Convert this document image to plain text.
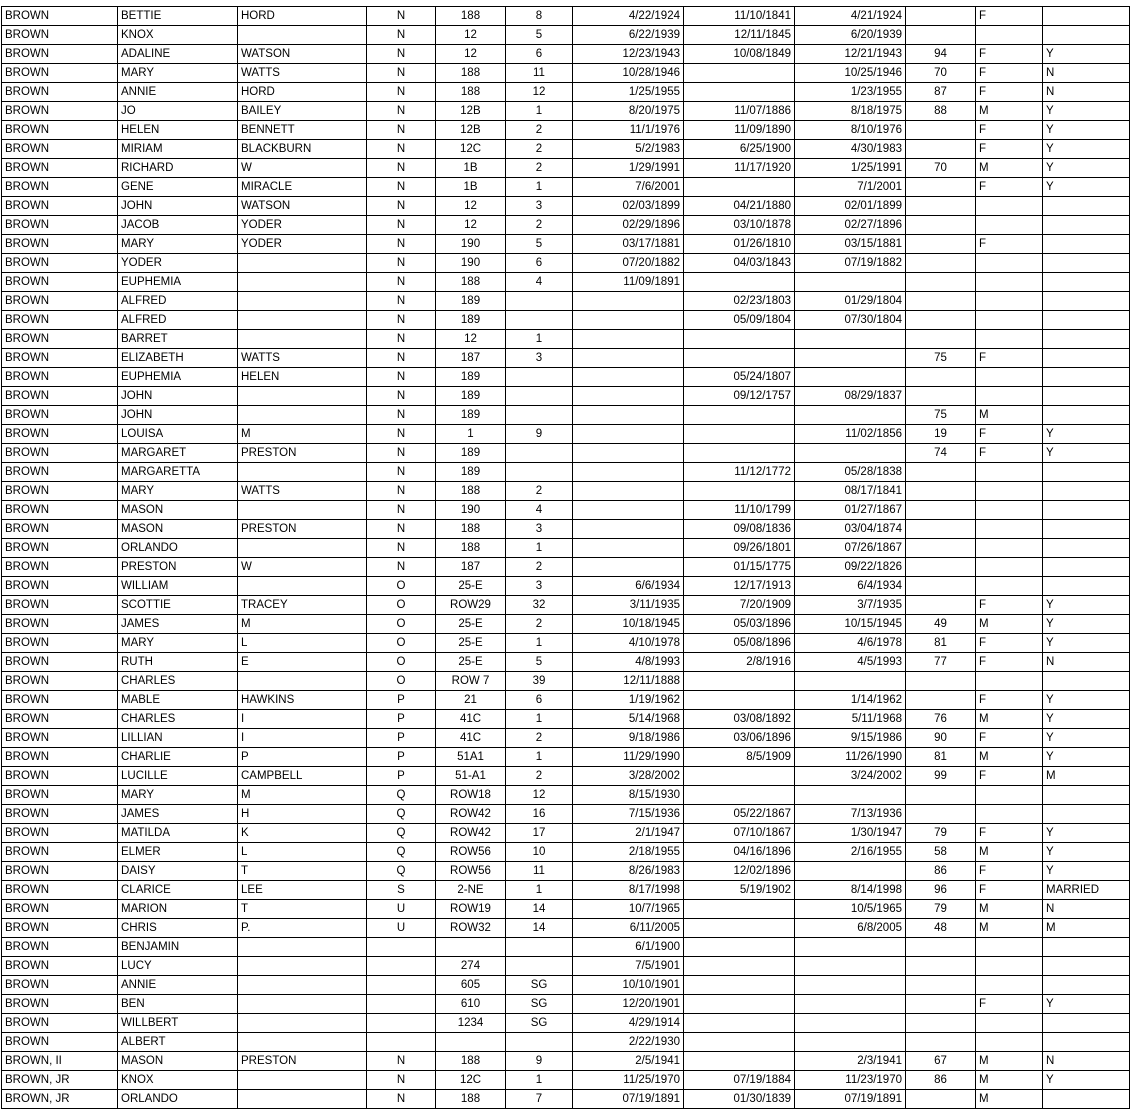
BROWN	BETTIE	HORD	N	188	8	4/22/1924	11/10/1841	4/21/1924		F	
BROWN	KNOX		N	12	5	6/22/1939	12/11/1845	6/20/1939			
BROWN	ADALINE	WATSON	N	12	6	12/23/1943	10/08/1849	12/21/1943	94	F	Y
BROWN	MARY	WATTS	N	188	11	10/28/1946		10/25/1946	70	F	N
BROWN	ANNIE	HORD	N	188	12	1/25/1955		1/23/1955	87	F	N
BROWN	JO	BAILEY	N	12B	1	8/20/1975	11/07/1886	8/18/1975	88	M	Y
BROWN	HELEN	BENNETT	N	12B	2	11/1/1976	11/09/1890	8/10/1976		F	Y
BROWN	MIRIAM	BLACKBURN	N	12C	2	5/2/1983	6/25/1900	4/30/1983		F	Y
BROWN	RICHARD	W	N	1B	2	1/29/1991	11/17/1920	1/25/1991	70	M	Y
BROWN	GENE	MIRACLE	N	1B	1	7/6/2001		7/1/2001		F	Y
BROWN	JOHN	WATSON	N	12	3	02/03/1899	04/21/1880	02/01/1899			
BROWN	JACOB	YODER	N	12	2	02/29/1896	03/10/1878	02/27/1896			
BROWN	MARY	YODER	N	190	5	03/17/1881	01/26/1810	03/15/1881		F	
BROWN	YODER		N	190	6	07/20/1882	04/03/1843	07/19/1882			
BROWN	EUPHEMIA		N	188	4	11/09/1891					
BROWN	ALFRED		N	189			02/23/1803	01/29/1804			
BROWN	ALFRED		N	189			05/09/1804	07/30/1804			
BROWN	BARRET		N	12	1						
BROWN	ELIZABETH	WATTS	N	187	3				75	F	
BROWN	EUPHEMIA	HELEN	N	189			05/24/1807				
BROWN	JOHN		N	189			09/12/1757	08/29/1837			
BROWN	JOHN		N	189					75	M	
BROWN	LOUISA	M	N	1	9			11/02/1856	19	F	Y
BROWN	MARGARET	PRESTON	N	189					74	F	Y
BROWN	MARGARETTA		N	189			11/12/1772	05/28/1838			
BROWN	MARY	WATTS	N	188	2			08/17/1841			
BROWN	MASON		N	190	4		11/10/1799	01/27/1867			
BROWN	MASON	PRESTON	N	188	3		09/08/1836	03/04/1874			
BROWN	ORLANDO		N	188	1		09/26/1801	07/26/1867			
BROWN	PRESTON	W	N	187	2		01/15/1775	09/22/1826			
BROWN	WILLIAM		O	25-E	3	6/6/1934	12/17/1913	6/4/1934			
BROWN	SCOTTIE	TRACEY	O	ROW29	32	3/11/1935	7/20/1909	3/7/1935		F	Y
BROWN	JAMES	M	O	25-E	2	10/18/1945	05/03/1896	10/15/1945	49	M	Y
BROWN	MARY	L	O	25-E	1	4/10/1978	05/08/1896	4/6/1978	81	F	Y
BROWN	RUTH	E	O	25-E	5	4/8/1993	2/8/1916	4/5/1993	77	F	N
BROWN	CHARLES		O	ROW 7	39	12/11/1888					
BROWN	MABLE	HAWKINS	P	21	6	1/19/1962		1/14/1962		F	Y
BROWN	CHARLES	I	P	41C	1	5/14/1968	03/08/1892	5/11/1968	76	M	Y
BROWN	LILLIAN	I	P	41C	2	9/18/1986	03/06/1896	9/15/1986	90	F	Y
BROWN	CHARLIE	P	P	51A1	1	11/29/1990	8/5/1909	11/26/1990	81	M	Y
BROWN	LUCILLE	CAMPBELL	P	51-A1	2	3/28/2002		3/24/2002	99	F	M
BROWN	MARY	M	Q	ROW18	12	8/15/1930					
BROWN	JAMES	H	Q	ROW42	16	7/15/1936	05/22/1867	7/13/1936			
BROWN	MATILDA	K	Q	ROW42	17	2/1/1947	07/10/1867	1/30/1947	79	F	Y
BROWN	ELMER	L	Q	ROW56	10	2/18/1955	04/16/1896	2/16/1955	58	M	Y
BROWN	DAISY	T	Q	ROW56	11	8/26/1983	12/02/1896		86	F	Y
BROWN	CLARICE	LEE	S	2-NE	1	8/17/1998	5/19/1902	8/14/1998	96	F	MARRIED
BROWN	MARION	T	U	ROW19	14	10/7/1965		10/5/1965	79	M	N
BROWN	CHRIS	P.	U	ROW32	14	6/11/2005		6/8/2005	48	M	M
BROWN	BENJAMIN					6/1/1900					
BROWN	LUCY			274		7/5/1901					
BROWN	ANNIE			605	SG	10/10/1901					
BROWN	BEN			610	SG	12/20/1901				F	Y
BROWN	WILLBERT			1234	SG	4/29/1914					
BROWN	ALBERT					2/22/1930					
BROWN, II	MASON	PRESTON	N	188	9	2/5/1941		2/3/1941	67	M	N
BROWN, JR	KNOX		N	12C	1	11/25/1970	07/19/1884	11/23/1970	86	M	Y
BROWN, JR	ORLANDO		N	188	7	07/19/1891	01/30/1839	07/19/1891		M	
